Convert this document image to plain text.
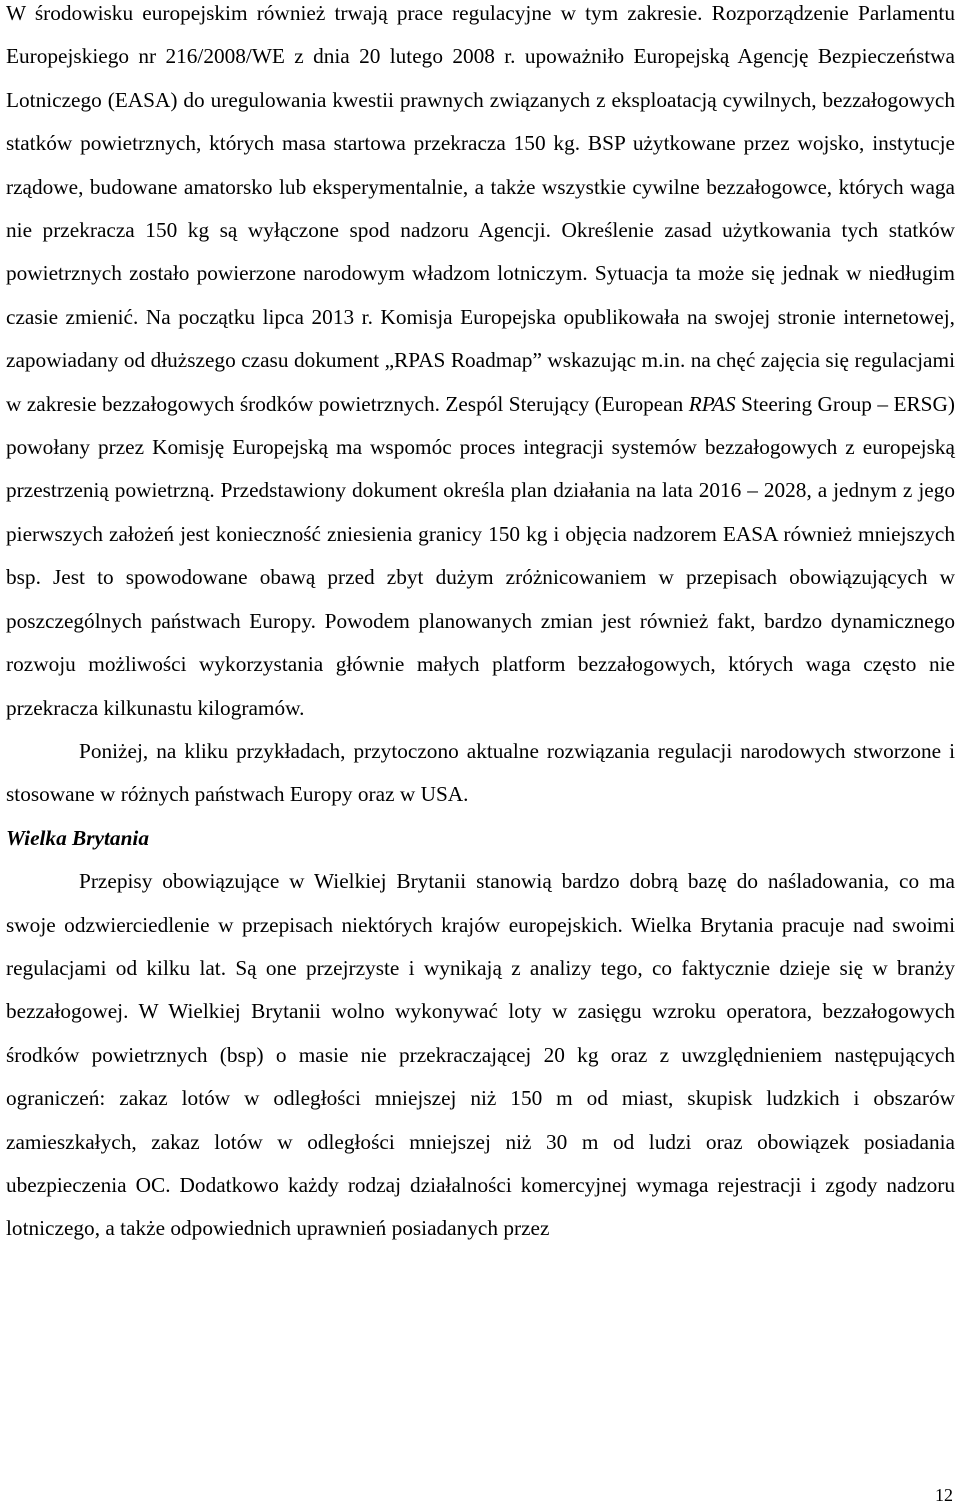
W środowisku europejskim również trwają prace regulacyjne w tym zakresie. Rozporządzenie Parlamentu Europejskiego nr 216/2008/WE z dnia 20 lutego 2008 r. upoważniło Europejską Agencję Bezpieczeństwa Lotniczego (EASA) do uregulowania kwestii prawnych związanych z eksploatacją cywilnych, bezzałogowych statków powietrznych, których masa startowa przekracza 150 kg. BSP użytkowane przez wojsko, instytucje rządowe, budowane amatorsko lub eksperymentalnie, a także wszystkie cywilne bezzałogowce, których waga nie przekracza 150 kg są wyłączone spod nadzoru Agencji. Określenie zasad użytkowania tych statków powietrznych zostało powierzone narodowym władzom lotniczym. Sytuacja ta może się jednak w niedługim czasie zmienić. Na początku lipca 2013 r. Komisja Europejska opublikowała na swojej stronie internetowej, zapowiadany od dłuższego czasu dokument „RPAS Roadmap” wskazując m.in. na chęć zajęcia się regulacjami w zakresie bezzałogowych środków powietrznych. Zespól Sterujący (European RPAS Steering Group – ERSG) powołany przez Komisję Europejską ma wspomóc proces integracji systemów bezzałogowych z europejską przestrzenią powietrzną. Przedstawiony dokument określa plan działania na lata 2016 – 2028, a jednym z jego pierwszych założeń jest konieczność zniesienia granicy 150 kg i objęcia nadzorem EASA również mniejszych bsp. Jest to spowodowane obawą przed zbyt dużym zróżnicowaniem w przepisach obowiązujących w poszczególnych państwach Europy. Powodem planowanych zmian jest również fakt, bardzo dynamicznego rozwoju możliwości wykorzystania głównie małych platform bezzałogowych, których waga często nie przekracza kilkunastu kilogramów.

Poniżej, na kliku przykładach, przytoczono aktualne rozwiązania regulacji narodowych stworzone i stosowane w różnych państwach Europy oraz w USA.

Wielka Brytania

Przepisy obowiązujące w Wielkiej Brytanii stanowią bardzo dobrą bazę do naśladowania, co ma swoje odzwierciedlenie w przepisach niektórych krajów europejskich. Wielka Brytania pracuje nad swoimi regulacjami od kilku lat. Są one przejrzyste i wynikają z analizy tego, co faktycznie dzieje się w branży bezzałogowej. W Wielkiej Brytanii wolno wykonywać loty w zasięgu wzroku operatora, bezzałogowych środków powietrznych (bsp) o masie nie przekraczającej 20 kg oraz z uwzględnieniem następujących ograniczeń: zakaz lotów w odległości mniejszej niż 150 m od miast, skupisk ludzkich i obszarów zamieszkałych, zakaz lotów w odległości mniejszej niż 30 m od ludzi oraz obowiązek posiadania ubezpieczenia OC. Dodatkowo każdy rodzaj działalności komercyjnej wymaga rejestracji i zgody nadzoru lotniczego, a także odpowiednich uprawnień posiadanych przez

12
